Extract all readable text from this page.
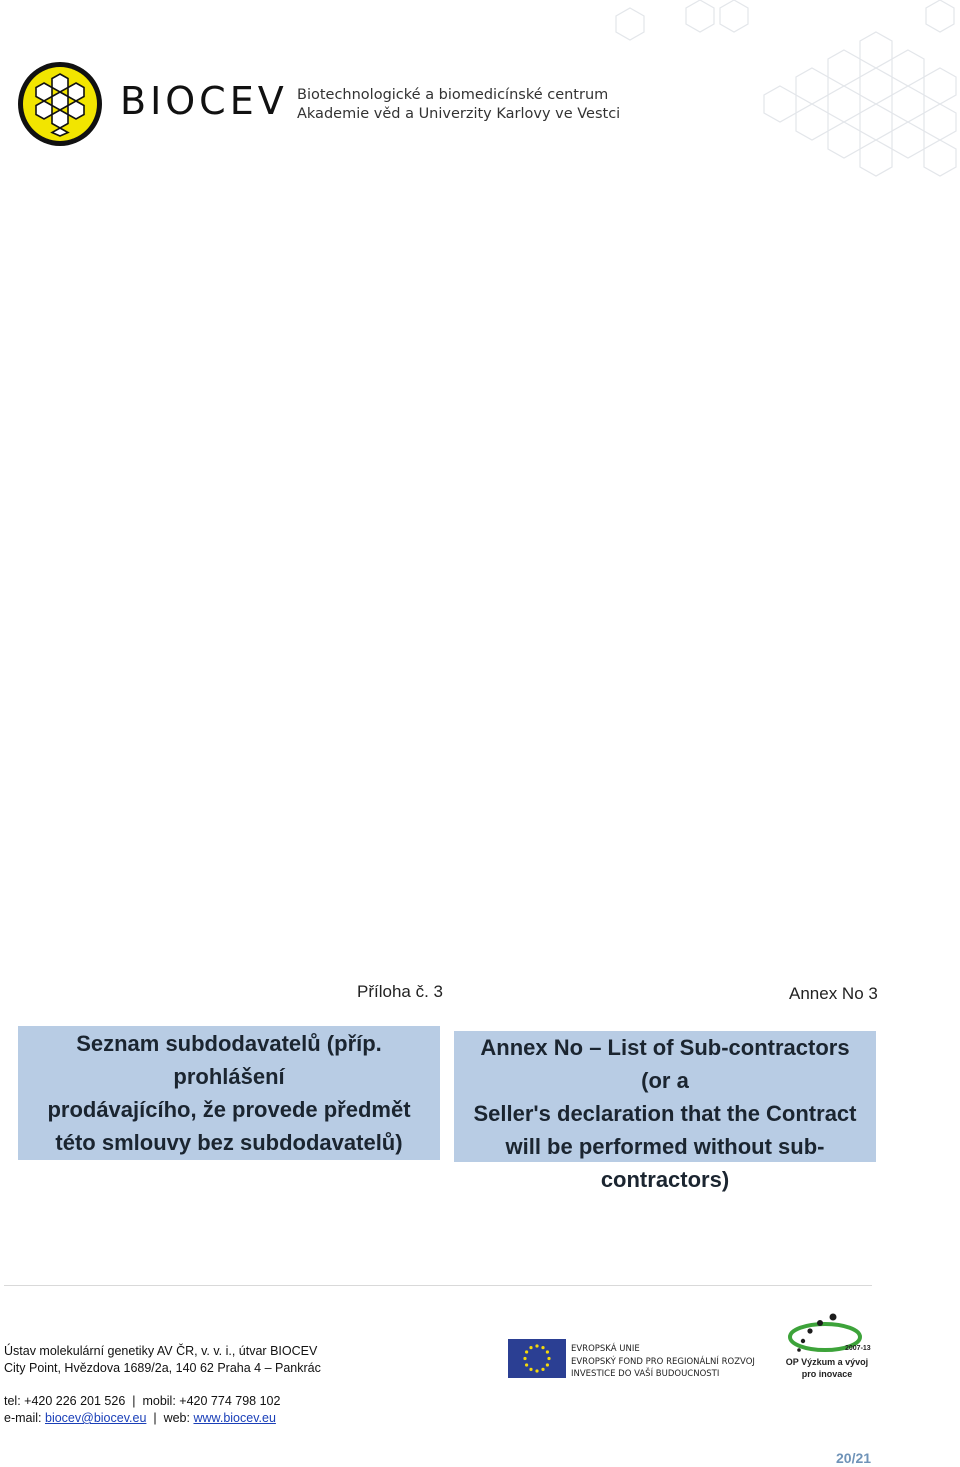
BIOCEV Biotechnologické a biomedicínské centrum
Akademie věd a Univerzity Karlovy ve Vestci
Příloha č. 3	Annex No 3
Seznam subdodavatelů (příp. prohlášení
prodávajícího, že provede předmět
této smlouvy bez subdodavatelů)
Annex No – List of Sub-contractors (or a
Seller's declaration that the Contract
will be performed without sub-
contractors)
Ústav molekulární genetiky AV ČR, v. v. i., útvar BIOCEV
City Point, Hvězdova 1689/2a, 140 62 Praha 4 – Pankrác
tel: +420 226 201 526  |  mobil: +420 774 798 102
e-mail: biocev@biocev.eu  |  web: www.biocev.eu
EVROPSKÁ UNIE
EVROPSKÝ FOND PRO REGIONÁLNÍ ROZVOJ
INVESTICE DO VAŠÍ BUDOUCNOSTI
2007-13
OP Výzkum a vývoj
pro inovace
20/21
